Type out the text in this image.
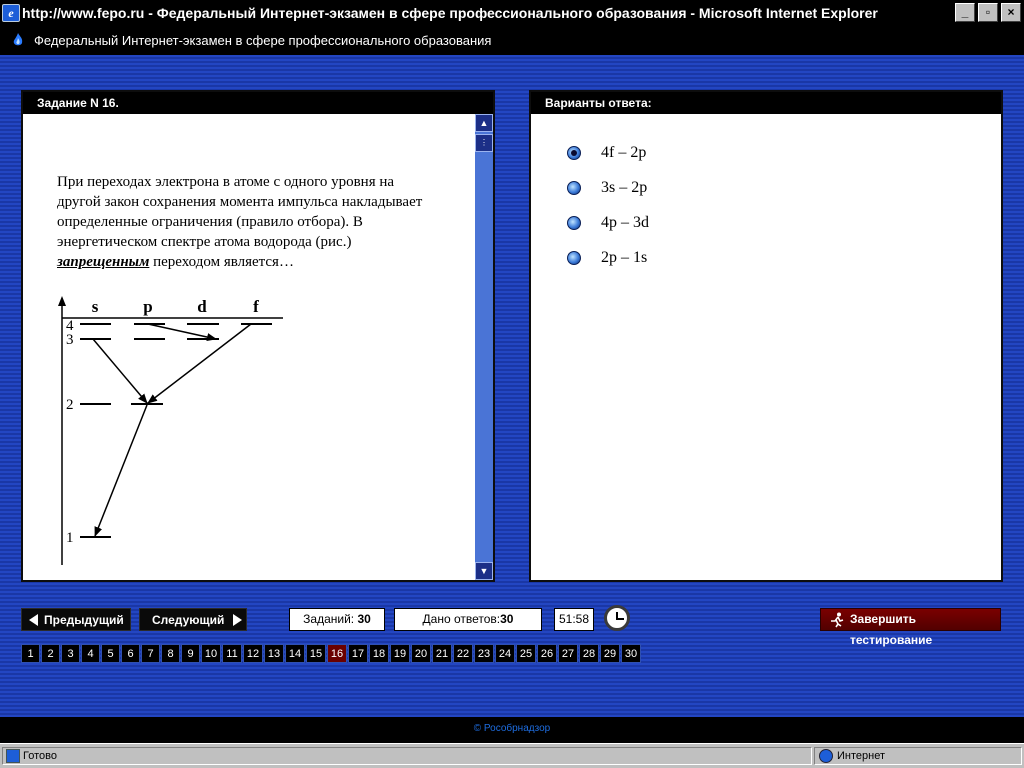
e http://www.fepo.ru - Федеральный Интернет-экзамен в сфере профессионального образования - Microsoft Internet Explorer	_	▫	×
Федеральный Интернет-экзамен в сфере профессионального образования
Задание N 16.
При переходах электрона в атоме с одного уровня на другой закон сохранения момента импульса накладывает определенные ограничения (правило отбора). В энергетическом спектре атома водорода (рис.) запрещенным переходом является…
s	p	d	f
4
3
2
1
▲
⋮
▼
Варианты ответа:
4f – 2p
3s – 2p
4p – 3d
2p – 1s
Предыдущий Следующий	Заданий: 30	Дано ответов:30	51:58	Завершить тестирование
1	2	3	4	5	6	7	8	9	10 11 12 13 14 15 16 17 18 19 20 21 22 23 24 25 26 27 28 29 30
© Рособрнадзор
Готово	Интернет
